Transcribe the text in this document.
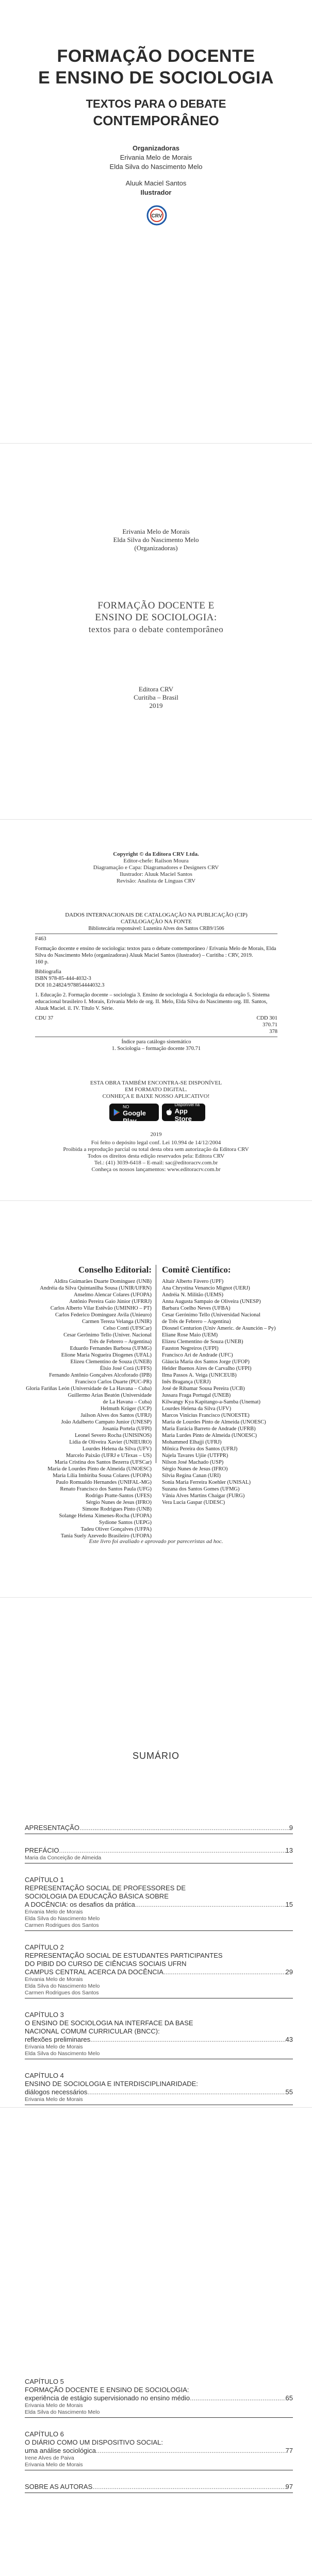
FORMAÇÃO DOCENTE
E ENSINO DE SOCIOLOGIA
TEXTOS PARA O DEBATE
CONTEMPORÂNEO
Organizadoras
Erivania Melo de Morais
Elda Silva do Nascimento Melo
Aluuk Maciel Santos
Ilustrador
CRV
Erivania Melo de Morais
Elda Silva do Nascimento Melo
(Organizadoras)
FORMAÇÃO DOCENTE E
ENSINO DE SOCIOLOGIA:
textos para o debate contemporâneo
Editora CRV
Curitiba – Brasil
2019
Copyright © da Editora CRV Ltda.
Editor-chefe: Railson Moura
Diagramação e Capa: Diagramadores e Designers CRV
Ilustrador: Aluuk Maciel Santos
Revisão: Analista de Línguas CRV
DADOS INTERNACIONAIS DE CATALOGAÇÃO NA PUBLICAÇÃO (CIP)
CATALOGAÇÃO NA FONTE
Bibliotecária responsável: Luzenira Alves dos Santos CRB9/1506
F463
Formação docente e ensino de sociologia: textos para o debate contemporâneo / Erivania Melo de Morais, Elda Silva do Nascimento Melo (organizadoras) Aluuk Maciel Santos (ilustrador) – Curitiba : CRV, 2019.
160 p.
Bibliografia
ISBN 978-85-444-4032-3
DOI 10.24824/978854444032.3
1. Educação 2. Formação docente – sociologia 3. Ensino de sociologia 4. Sociologia da educação 5. Sistema educacional brasileiro I. Morais, Erivania Melo de org. II. Melo, Elda Silva do Nascimento org. III. Santos, Aluuk Maciel. il. IV. Título V. Série.
CDU 37	CDD 301
370.71
378
Índice para catálogo sistemático
1. Sociologia – formação docente 370.71
ESTA OBRA TAMBÉM ENCONTRA-SE DISPONÍVEL
EM FORMATO DIGITAL.
CONHEÇA E BAIXE NOSSO APLICATIVO!
DISPONÍVEL NO
Google Play
Disponível na
App Store
2019
Foi feito o depósito legal conf. Lei 10.994 de 14/12/2004
Proibida a reprodução parcial ou total desta obra sem autorização da Editora CRV
Todos os direitos desta edição reservados pela: Editora CRV
Tel.: (41) 3039-6418 – E-mail: sac@editoracrv.com.br
Conheça os nossos lançamentos: www.editoracrv.com.br
Conselho Editorial:
Aldira Guimarães Duarte Domínguez (UNB)
Andréia da Silva Quintanilha Sousa (UNIR/UFRN)
Anselmo Alencar Colares (UFOPA)
Antônio Pereira Gaio Júnior (UFRRJ)
Carlos Alberto Vilar Estêvão (UMINHO – PT)
Carlos Federico Dominguez Avila (Unieuro)
Carmen Tereza Velanga (UNIR)
Celso Conti (UFSCar)
Cesar Gerônimo Tello (Univer. Nacional
Três de Febrero – Argentina)
Eduardo Fernandes Barbosa (UFMG)
Elione Maria Nogueira Diogenes (UFAL)
Elizeu Clementino de Souza (UNEB)
Élsio José Corá (UFFS)
Fernando Antônio Gonçalves Alcoforado (IPB)
Francisco Carlos Duarte (PUC-PR)
Gloria Fariñas León (Universidade de La Havana – Cuba)
Guillermo Arias Beatón (Universidade
de La Havana – Cuba)
Helmuth Krüger (UCP)
Jailson Alves dos Santos (UFRJ)
João Adalberto Campato Junior (UNESP)
Josania Portela (UFPI)
Leonel Severo Rocha (UNISINOS)
Lídia de Oliveira Xavier (UNIEURO)
Lourdes Helena da Silva (UFV)
Marcelo Paixão (UFRJ e UTexas – US)
Maria Cristina dos Santos Bezerra (UFSCar)
Maria de Lourdes Pinto de Almeida (UNOESC)
Maria Lília Imbiriba Sousa Colares (UFOPA)
Paulo Romualdo Hernandes (UNIFAL-MG)
Renato Francisco dos Santos Paula (UFG)
Rodrigo Pratte-Santos (UFES)
Sérgio Nunes de Jesus (IFRO)
Simone Rodrigues Pinto (UNB)
Solange Helena Ximenes-Rocha (UFOPA)
Sydione Santos (UEPG)
Tadeu Oliver Gonçalves (UFPA)
Tania Suely Azevedo Brasileiro (UFOPA)
Comitê Científico:
Altair Alberto Fávero (UPF)
Ana Chrystina Venancio Mignot (UERJ)
Andréia N. Militão (UEMS)
Anna Augusta Sampaio de Oliveira (UNESP)
Barbara Coelho Neves (UFBA)
Cesar Gerónimo Tello (Universidad Nacional
de Três de Febrero – Argentina)
Diosnel Centurion (Univ Americ. de Asunción – Py)
Eliane Rose Maio (UEM)
Elizeu Clementino de Souza (UNEB)
Fauston Negreiros (UFPI)
Francisco Ari de Andrade (UFC)
Gláucia Maria dos Santos Jorge (UFOP)
Helder Buenos Aires de Carvalho (UFPI)
Ilma Passos A. Veiga (UNICEUB)
Inês Bragança (UERJ)
José de Ribamar Sousa Pereira (UCB)
Jussara Fraga Portugal (UNEB)
Kilwangy Kya Kapitango-a-Samba (Unemat)
Lourdes Helena da Silva (UFV)
Marcos Vinicius Francisco (UNOESTE)
Maria de Lourdes Pinto de Almeida (UNOESC)
Maria Eurácia Barreto de Andrade (UFRB)
Maria Lurdes Pinto de Almeida (UNOESC)
Mohammed Elhajji (UFRJ)
Mônica Pereira dos Santos (UFRJ)
Najela Tavares Ujiie (UTFPR)
Nilson José Machado (USP)
Sérgio Nunes de Jesus (IFRO)
Silvia Regina Canan (URI)
Sonia Maria Ferreira Koehler (UNISAL)
Suzana dos Santos Gomes (UFMG)
Vânia Alves Martins Chaigar (FURG)
Vera Lucia Gaspar (UDESC)
Este livro foi avaliado e aprovado por pareceristas ad hoc.
SUMÁRIO
APRESENTAÇÃO .....	9
PREFÁCIO .....	13
Maria da Conceição de Almeida
CAPÍTULO 1
REPRESENTAÇÃO SOCIAL DE PROFESSORES DE
SOCIOLOGIA DA EDUCAÇÃO BÁSICA SOBRE
A DOCÊNCIA: os desafios da prática .....	15
Erivania Melo de Morais
Elda Silva do Nascimento Melo
Carmen Rodrigues dos Santos
CAPÍTULO 2
REPRESENTAÇÃO SOCIAL DE ESTUDANTES PARTICIPANTES
DO PIBID DO CURSO DE CIÊNCIAS SOCIAIS UFRN
CAMPUS CENTRAL ACERCA DA DOCÊNCIA .....	29
Erivania Melo de Morais
Elda Silva do Nascimento Melo
Carmen Rodrigues dos Santos
CAPÍTULO 3
O ENSINO DE SOCIOLOGIA NA INTERFACE DA BASE
NACIONAL COMUM CURRICULAR (BNCC):
reflexões preliminares .....	43
Erivania Melo de Morais
Elda Silva do Nascimento Melo
CAPÍTULO 4
ENSINO DE SOCIOLOGIA E INTERDISCIPLINARIDADE:
diálogos necessários .....	55
Erivania Melo de Morais
CAPÍTULO 5
FORMAÇÃO DOCENTE E ENSINO DE SOCIOLOGIA:
experiência de estágio supervisionado no ensino médio .....	65
Erivania Melo de Morais
Elda Silva do Nascimento Melo
CAPÍTULO 6
O DIÁRIO COMO UM DISPOSITIVO SOCIAL:
uma análise sociológica .....	77
Irene Alves de Paiva
Erivania Melo de Morais
SOBRE AS AUTORAS .....	97
